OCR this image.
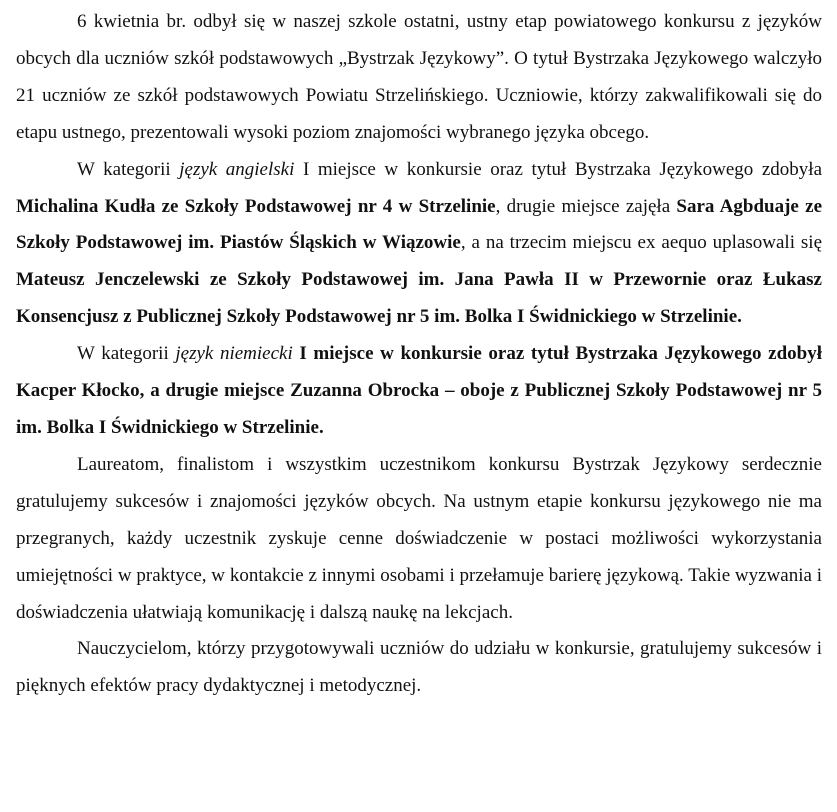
6 kwietnia br. odbył się w naszej szkole ostatni, ustny etap powiatowego konkursu z języków obcych dla uczniów szkół podstawowych „Bystrzak Językowy”. O tytuł Bystrzaka Językowego walczyło 21 uczniów ze szkół podstawowych Powiatu Strzelińskiego. Uczniowie, którzy zakwalifikowali się do etapu ustnego, prezentowali wysoki poziom znajomości wybranego języka obcego.

W kategorii język angielski I miejsce w konkursie oraz tytuł Bystrzaka Językowego zdobyła Michalina Kudła ze Szkoły Podstawowej nr 4 w Strzelinie, drugie miejsce zajęła Sara Agbduaje ze Szkoły Podstawowej im. Piastów Śląskich w Wiązowie, a na trzecim miejscu ex aequo uplasowali się Mateusz Jenczelewski ze Szkoły Podstawowej im. Jana Pawła II w Przewornie oraz Łukasz Konsencjusz z Publicznej Szkoły Podstawowej nr 5 im. Bolka I Świdnickiego w Strzelinie.

W kategorii język niemiecki I miejsce w konkursie oraz tytuł Bystrzaka Językowego zdobył Kacper Kłocko, a drugie miejsce Zuzanna Obrocka – oboje z Publicznej Szkoły Podstawowej nr 5 im. Bolka I Świdnickiego w Strzelinie.

Laureatom, finalistom i wszystkim uczestnikom konkursu Bystrzak Językowy serdecznie gratulujemy sukcesów i znajomości języków obcych. Na ustnym etapie konkursu językowego nie ma przegranych, każdy uczestnik zyskuje cenne doświadczenie w postaci możliwości wykorzystania umiejętności w praktyce, w kontakcie z innymi osobami i przełamuje barierę językową. Takie wyzwania i doświadczenia ułatwiają komunikację i dalszą naukę na lekcjach.

Nauczycielom, którzy przygotowywali uczniów do udziału w konkursie, gratulujemy sukcesów i pięknych efektów pracy dydaktycznej i metodycznej.
